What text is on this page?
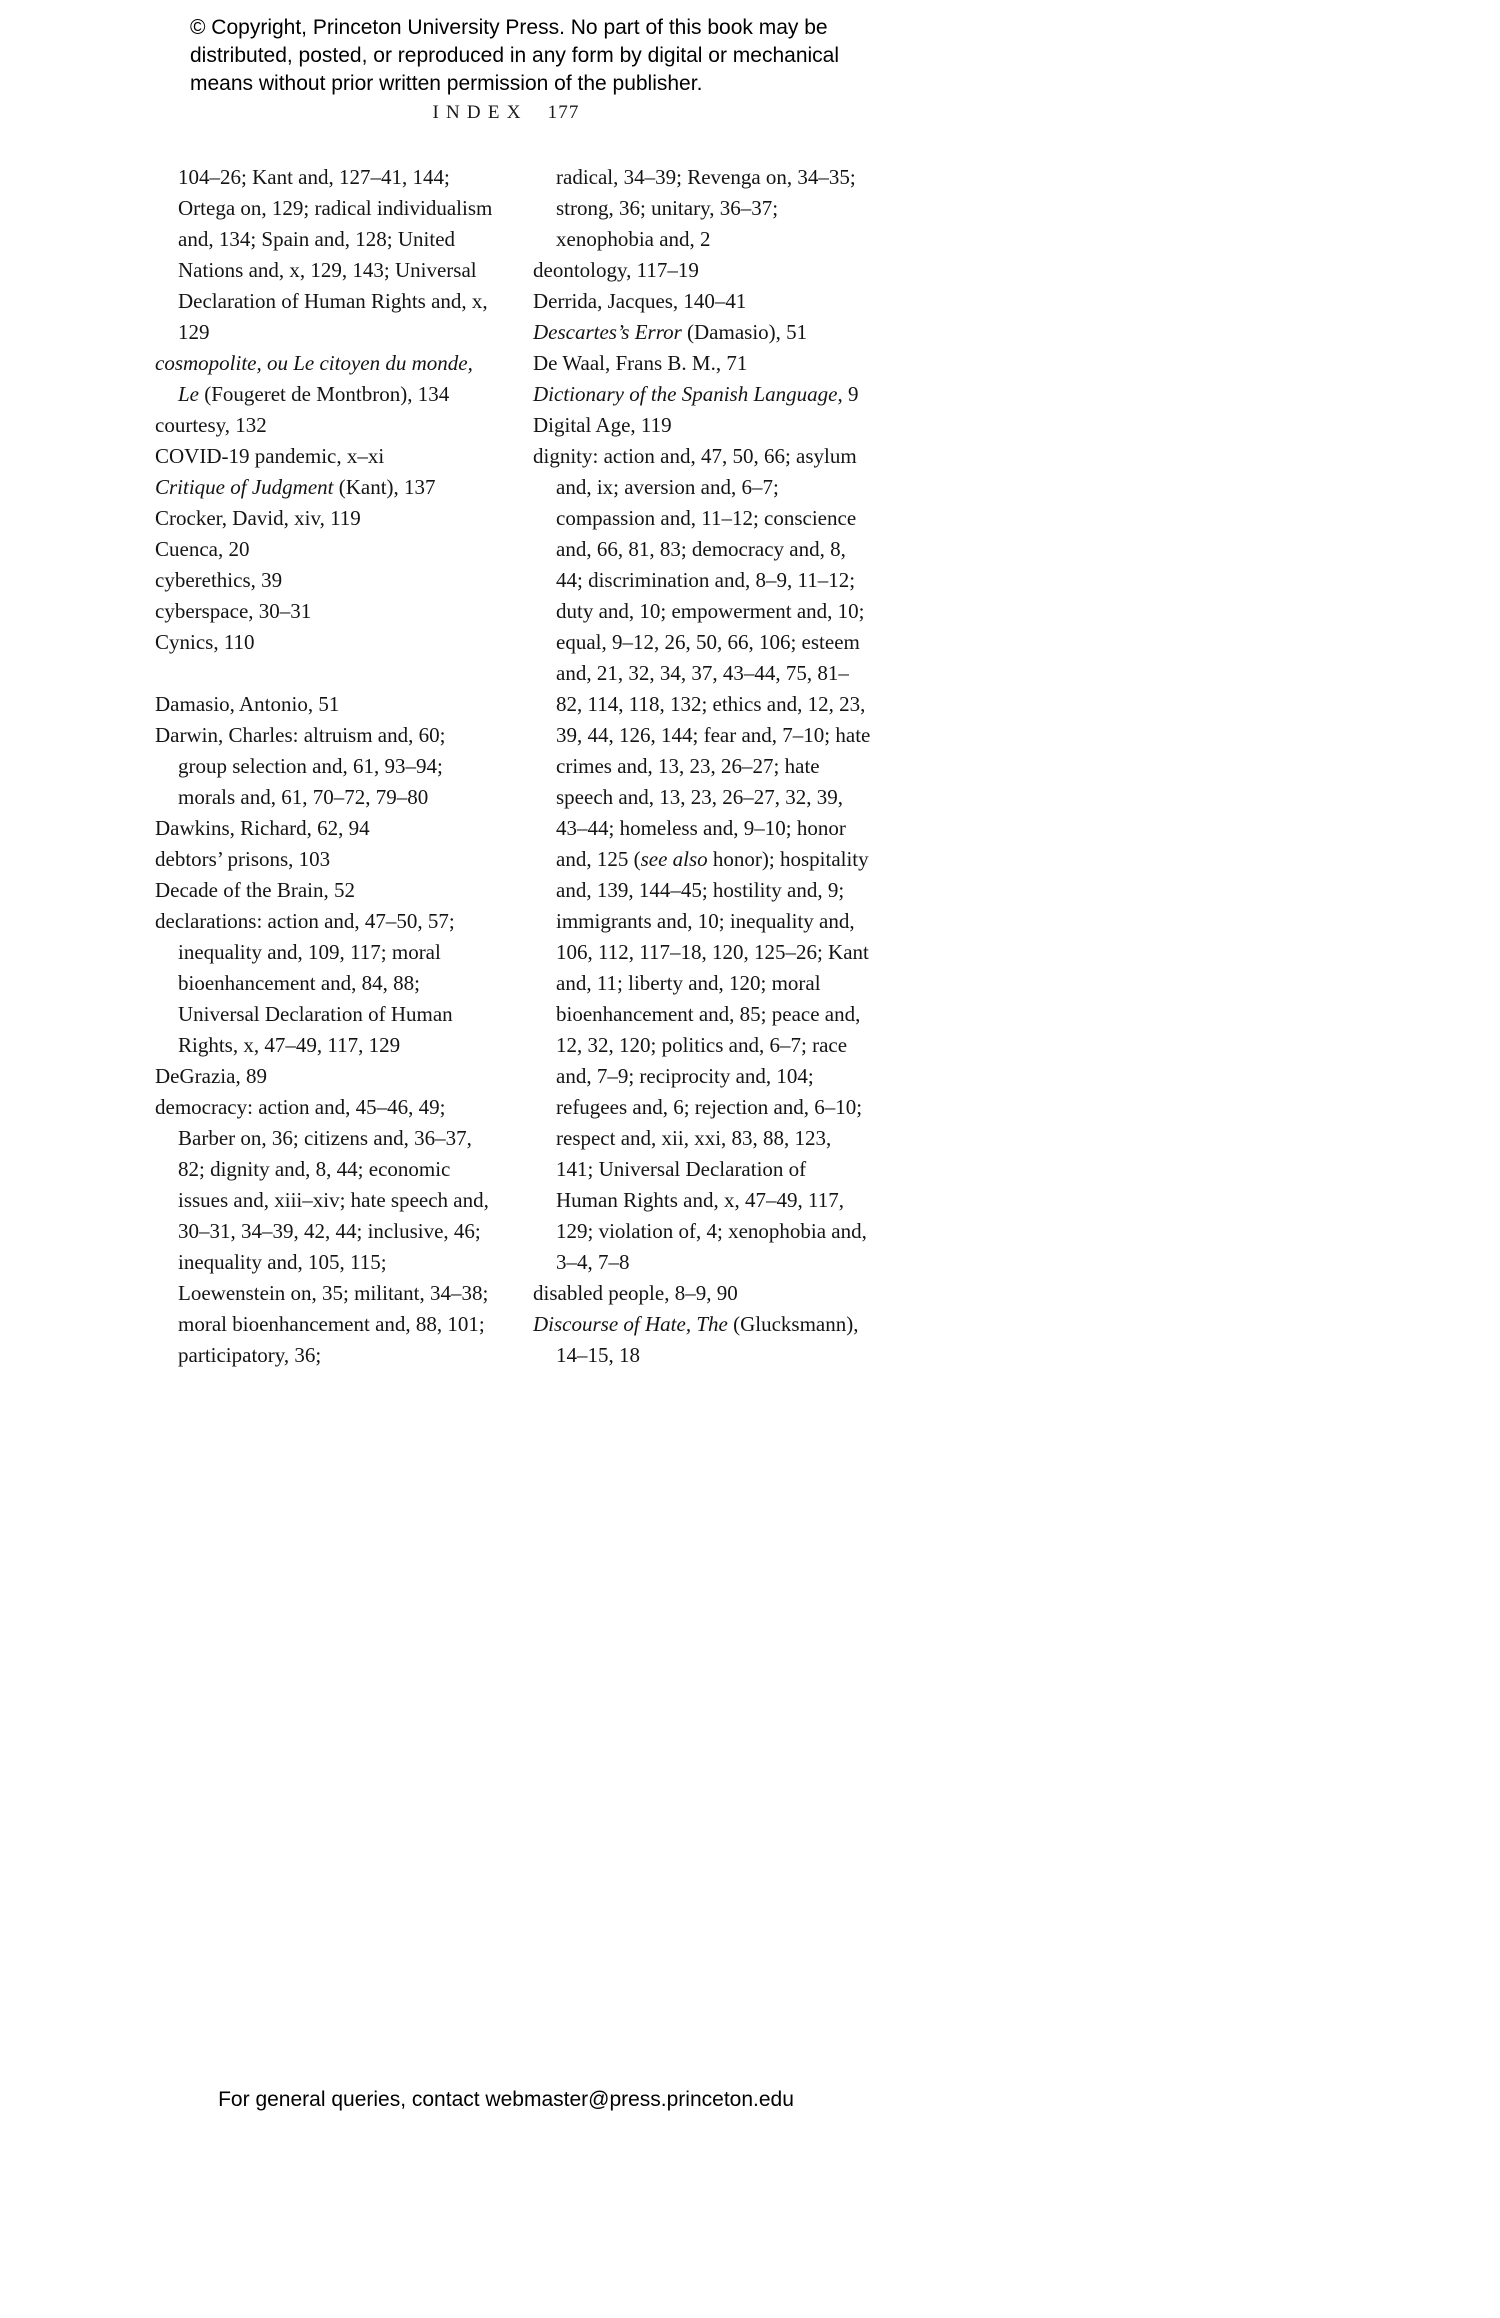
© Copyright, Princeton University Press. No part of this book may be
distributed, posted, or reproduced in any form by digital or mechanical
means without prior written permission of the publisher.
INDEX 177
104–26; Kant and, 127–41, 144; Ortega on, 129; radical individualism and, 134; Spain and, 128; United Nations and, x, 129, 143; Universal Declaration of Human Rights and, x, 129
cosmopolite, ou Le citoyen du monde, Le (Fougeret de Montbron), 134
courtesy, 132
COVID-19 pandemic, x–xi
Critique of Judgment (Kant), 137
Crocker, David, xiv, 119
Cuenca, 20
cyberethics, 39
cyberspace, 30–31
Cynics, 110
Damasio, Antonio, 51
Darwin, Charles: altruism and, 60; group selection and, 61, 93–94; morals and, 61, 70–72, 79–80
Dawkins, Richard, 62, 94
debtors’ prisons, 103
Decade of the Brain, 52
declarations: action and, 47–50, 57; inequality and, 109, 117; moral bioenhancement and, 84, 88; Universal Declaration of Human Rights, x, 47–49, 117, 129
DeGrazia, 89
democracy: action and, 45–46, 49; Barber on, 36; citizens and, 36–37, 82; dignity and, 8, 44; economic issues and, xiii–xiv; hate speech and, 30–31, 34–39, 42, 44; inclusive, 46; inequality and, 105, 115; Loewenstein on, 35; militant, 34–38; moral bioenhancement and, 88, 101; participatory, 36;
radical, 34–39; Revenga on, 34–35; strong, 36; unitary, 36–37; xenophobia and, 2
deontology, 117–19
Derrida, Jacques, 140–41
Descartes’s Error (Damasio), 51
De Waal, Frans B. M., 71
Dictionary of the Spanish Language, 9
Digital Age, 119
dignity: action and, 47, 50, 66; asylum and, ix; aversion and, 6–7; compassion and, 11–12; conscience and, 66, 81, 83; democracy and, 8, 44; discrimination and, 8–9, 11–12; duty and, 10; empowerment and, 10; equal, 9–12, 26, 50, 66, 106; esteem and, 21, 32, 34, 37, 43–44, 75, 81–82, 114, 118, 132; ethics and, 12, 23, 39, 44, 126, 144; fear and, 7–10; hate crimes and, 13, 23, 26–27; hate speech and, 13, 23, 26–27, 32, 39, 43–44; homeless and, 9–10; honor and, 125 (see also honor); hospitality and, 139, 144–45; hostility and, 9; immigrants and, 10; inequality and, 106, 112, 117–18, 120, 125–26; Kant and, 11; liberty and, 120; moral bioenhancement and, 85; peace and, 12, 32, 120; politics and, 6–7; race and, 7–9; reciprocity and, 104; refugees and, 6; rejection and, 6–10; respect and, xii, xxi, 83, 88, 123, 141; Universal Declaration of Human Rights and, x, 47–49, 117, 129; violation of, 4; xenophobia and, 3–4, 7–8
disabled people, 8–9, 90
Discourse of Hate, The (Glucksmann), 14–15, 18
For general queries, contact webmaster@press.princeton.edu
